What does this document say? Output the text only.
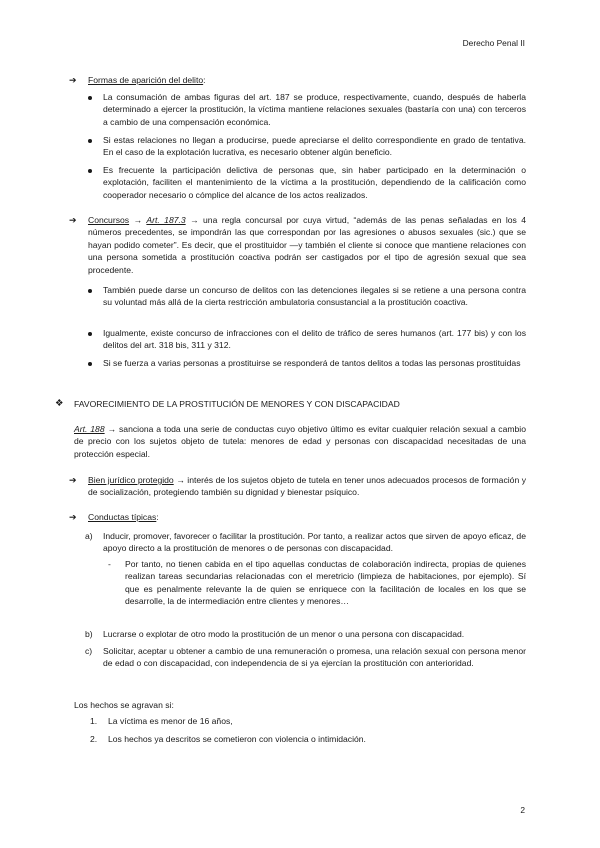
Derecho Penal II
➔ Formas de aparición del delito:

La consumación de ambas figuras del art. 187 se produce, respectivamente, cuando, después de haberla determinado a ejercer la prostitución, la víctima mantiene relaciones sexuales (bastaría con una) con terceros a cambio de una compensación económica.

Si estas relaciones no llegan a producirse, puede apreciarse el delito correspondiente en grado de tentativa. En el caso de la explotación lucrativa, es necesario obtener algún beneficio.

Es frecuente la participación delictiva de personas que, sin haber participado en la determinación o explotación, faciliten el mantenimiento de la víctima a la prostitución, dependiendo de la calificación como cooperador necesario o cómplice del alcance de los actos realizados.

➔ Concursos → Art. 187.3 → una regla concursal por cuya virtud, “además de las penas señaladas en los 4 números precedentes, se impondrán las que correspondan por las agresiones o abusos sexuales (sic.) que se hayan podido cometer”. Es decir, que el prostituidor —y también el cliente si conoce que mantiene relaciones con una persona sometida a prostitución coactiva podrán ser castigados por el tipo de agresión sexual que sea procedente.

También puede darse un concurso de delitos con las detenciones ilegales si se retiene a una persona contra su voluntad más allá de la cierta restricción ambulatoria consustancial a la prostitución coactiva.

Igualmente, existe concurso de infracciones con el delito de tráfico de seres humanos (art. 177 bis) y con los delitos del art. 318 bis, 311 y 312.

Si se fuerza a varias personas a prostituirse se responderá de tantos delitos a todas las personas prostituidas

❖ FAVORECIMIENTO DE LA PROSTITUCIÓN DE MENORES Y CON DISCAPACIDAD

Art. 188 → sanciona a toda una serie de conductas cuyo objetivo último es evitar cualquier relación sexual a cambio de precio con los sujetos objeto de tutela: menores de edad y personas con discapacidad necesitadas de una protección especial.

➔ Bien jurídico protegido → interés de los sujetos objeto de tutela en tener unos adecuados procesos de formación y de socialización, protegiendo también su dignidad y bienestar psíquico.

➔ Conductas típicas:
a) Inducir, promover, favorecer o facilitar la prostitución. Por tanto, a realizar actos que sirven de apoyo eficaz, de apoyo directo a la prostitución de menores o de personas con discapacidad.

- Por tanto, no tienen cabida en el tipo aquellas conductas de colaboración indirecta, propias de quienes realizan tareas secundarias relacionadas con el meretricio (limpieza de habitaciones, por ejemplo). Sí que es penalmente relevante la de quien se enriquece con la facilitación de locales en los que se desarrolle, la de intermediación entre clientes y menores…

b) Lucrarse o explotar de otro modo la prostitución de un menor o una persona con discapacidad.

c) Solicitar, aceptar u obtener a cambio de una remuneración o promesa, una relación sexual con persona menor de edad o con discapacidad, con independencia de si ya ejercían la prostitución con anterioridad.

Los hechos se agravan si:
1. La víctima es menor de 16 años,
2. Los hechos ya descritos se cometieron con violencia o intimidación.
2
